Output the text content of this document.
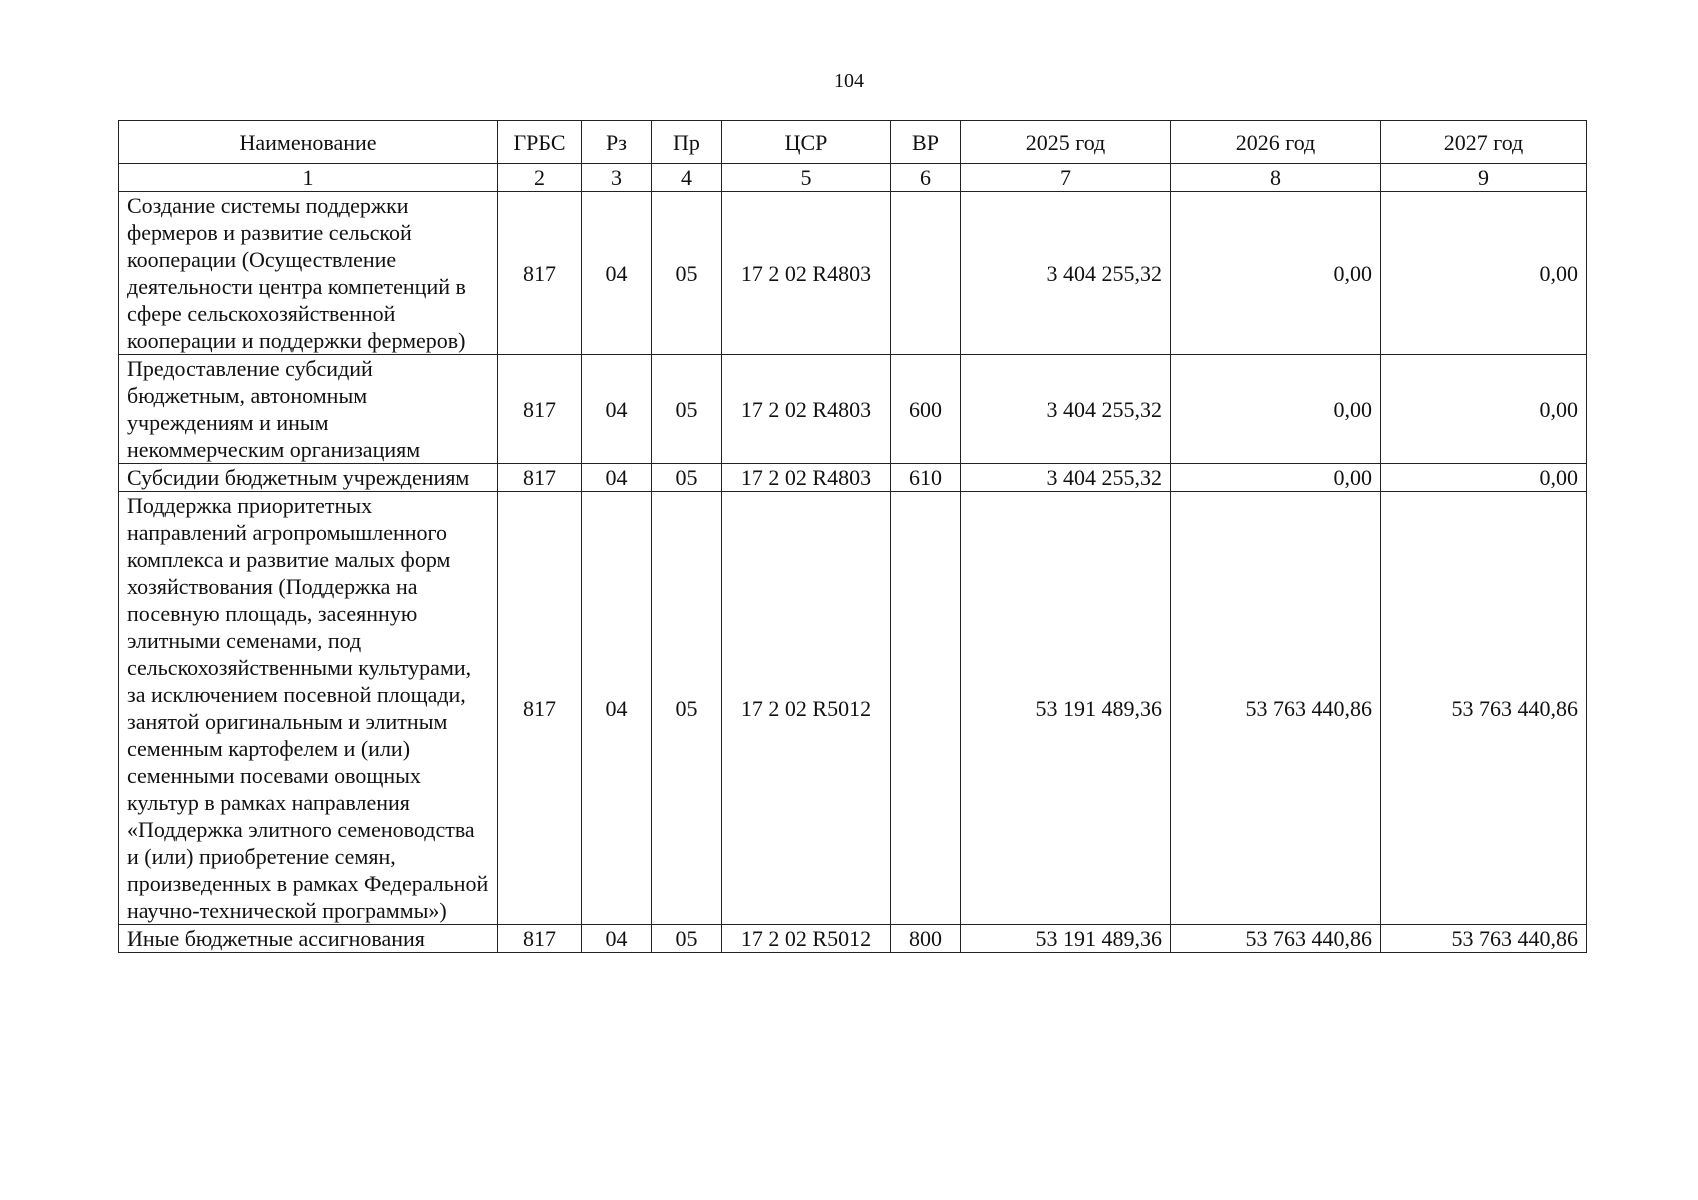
104
Наименование	ГРБС	Рз	Пр	ЦСР	ВР	2025 год	2026 год	2027 год
1	2	3	4	5	6	7	8	9
Создание системы поддержки фермеров и развитие сельской кооперации (Осуществление деятельности центра компетенций в сфере сельскохозяйственной кооперации и поддержки фермеров)	817	04	05	17 2 02 R4803		3 404 255,32	0,00	0,00
Предоставление субсидий бюджетным, автономным учреждениям и иным некоммерческим организациям	817	04	05	17 2 02 R4803	600	3 404 255,32	0,00	0,00
Субсидии бюджетным учреждениям	817	04	05	17 2 02 R4803	610	3 404 255,32	0,00	0,00
Поддержка приоритетных направлений агропромышленного комплекса и развитие малых форм хозяйствования (Поддержка на посевную площадь, засеянную элитными семенами, под сельскохозяйственными культурами, за исключением посевной площади, занятой оригинальным и элитным семенным картофелем и (или) семенными посевами овощных культур в рамках направления «Поддержка элитного семеноводства и (или) приобретение семян, произведенных в рамках Федеральной научно-технической программы»)	817	04	05	17 2 02 R5012		53 191 489,36	53 763 440,86	53 763 440,86
Иные бюджетные ассигнования	817	04	05	17 2 02 R5012	800	53 191 489,36	53 763 440,86	53 763 440,86
